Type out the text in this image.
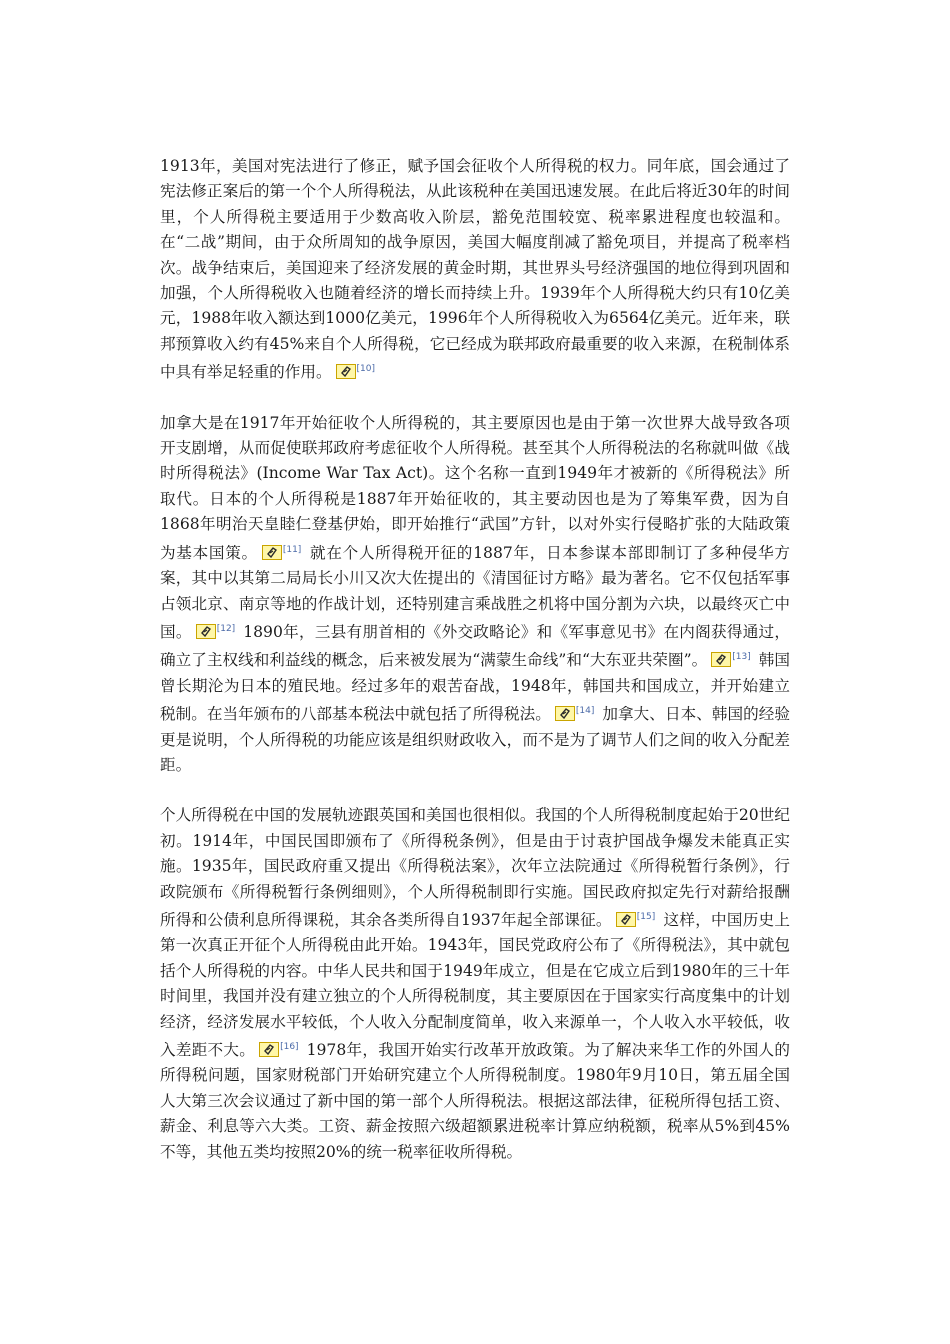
1913年，美国对宪法进行了修正，赋予国会征收个人所得税的权力。同年底，国会通过了宪法修正案后的第一个个人所得税法，从此该税种在美国迅速发展。在此后将近30年的时间里，个人所得税主要适用于少数高收入阶层，豁免范围较宽、税率累进程度也较温和。在“二战”期间，由于众所周知的战争原因，美国大幅度削减了豁免项目，并提高了税率档次。战争结束后，美国迎来了经济发展的黄金时期，其世界头号经济强国的地位得到巩固和加强，个人所得税收入也随着经济的增长而持续上升。1939年个人所得税大约只有10亿美元，1988年收入额达到1000亿美元，1996年个人所得税收入为6564亿美元。近年来，联邦预算收入约有45%来自个人所得税，它已经成为联邦政府最重要的收入来源，在税制体系中具有举足轻重的作用。	[10]

加拿大是在1917年开始征收个人所得税的，其主要原因也是由于第一次世界大战导致各项开支剧增，从而促使联邦政府考虑征收个人所得税。甚至其个人所得税法的名称就叫做《战时所得税法》(Income War Tax Act)。这个名称一直到1949年才被新的《所得税法》所取代。日本的个人所得税是1887年开始征收的，其主要动因也是为了筹集军费，因为自1868年明治天皇睦仁登基伊始，即开始推行“武国”方针，以对外实行侵略扩张的大陆政策为基本国策。	[11] 就在个人所得税开征的1887年，日本参谋本部即制订了多种侵华方案，其中以其第二局局长小川又次大佐提出的《清国征讨方略》最为著名。它不仅包括军事占领北京、南京等地的作战计划，还特别建言乘战胜之机将中国分割为六块，以最终灭亡中国。	[12] 1890年，三县有朋首相的《外交政略论》和《军事意见书》在内阁获得通过，确立了主权线和利益线的概念，后来被发展为“满蒙生命线”和“大东亚共荣圈”。	[13] 韩国曾长期沦为日本的殖民地。经过多年的艰苦奋战，1948年，韩国共和国成立，并开始建立税制。在当年颁布的八部基本税法中就包括了所得税法。	[14] 加拿大、日本、韩国的经验更是说明，个人所得税的功能应该是组织财政收入，而不是为了调节人们之间的收入分配差距。

个人所得税在中国的发展轨迹跟英国和美国也很相似。我国的个人所得税制度起始于20世纪初。1914年，中国民国即颁布了《所得税条例》，但是由于讨袁护国战争爆发未能真正实施。1935年，国民政府重又提出《所得税法案》，次年立法院通过《所得税暂行条例》，行政院颁布《所得税暂行条例细则》，个人所得税制即行实施。国民政府拟定先行对薪给报酬所得和公债利息所得课税，其余各类所得自1937年起全部课征。	[15] 这样，中国历史上第一次真正开征个人所得税由此开始。1943年，国民党政府公布了《所得税法》，其中就包括个人所得税的内容。中华人民共和国于1949年成立，但是在它成立后到1980年的三十年时间里，我国并没有建立独立的个人所得税制度，其主要原因在于国家实行高度集中的计划经济，经济发展水平较低，个人收入分配制度简单，收入来源单一，个人收入水平较低，收入差距不大。	[16] 1978年，我国开始实行改革开放政策。为了解决来华工作的外国人的所得税问题，国家财税部门开始研究建立个人所得税制度。1980年9月10日，第五届全国人大第三次会议通过了新中国的第一部个人所得税法。根据这部法律，征税所得包括工资、薪金、利息等六大类。工资、薪金按照六级超额累进税率计算应纳税额，税率从5%到45%不等，其他五类均按照20%的统一税率征收所得税。
